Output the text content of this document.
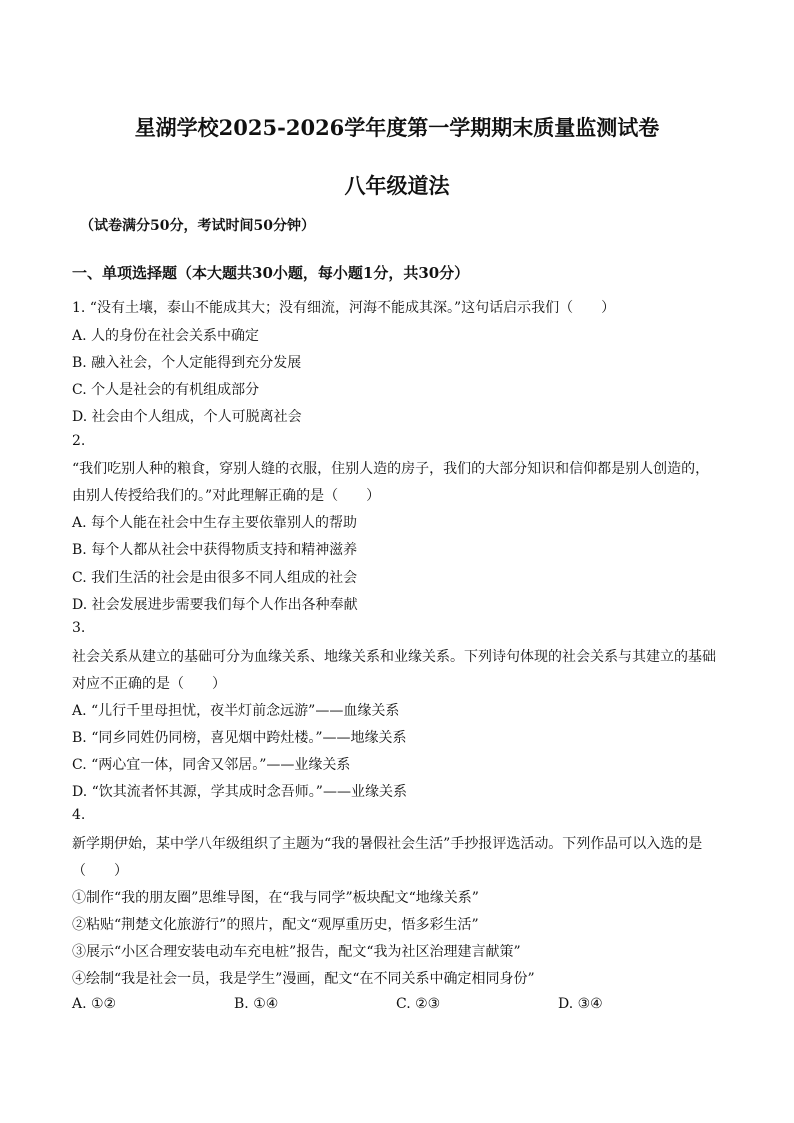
星湖学校2025-2026学年度第一学期期末质量监测试卷
八年级道法
（试卷满分50分，考试时间50分钟）
一、单项选择题（本大题共30小题，每小题1分，共30分）
1. “没有土壤，泰山不能成其大；没有细流，河海不能成其深。”这句话启示我们（　　）
A. 人的身份在社会关系中确定
B. 融入社会，个人定能得到充分发展
C. 个人是社会的有机组成部分
D. 社会由个人组成，个人可脱离社会
2.
“我们吃别人种的粮食，穿别人缝的衣服，住别人造的房子，我们的大部分知识和信仰都是别人创造的，
由别人传授给我们的。”对此理解正确的是（　　）
A. 每个人能在社会中生存主要依靠别人的帮助
B. 每个人都从社会中获得物质支持和精神滋养
C. 我们生活的社会是由很多不同人组成的社会
D. 社会发展进步需要我们每个人作出各种奉献
3.
社会关系从建立的基础可分为血缘关系、地缘关系和业缘关系。下列诗句体现的社会关系与其建立的基础
对应不正确的是（　　）
A. “儿行千里母担忧，夜半灯前念远游”——血缘关系
B. “同乡同姓仍同榜，喜见烟中跨灶楼。”——地缘关系
C. “两心宜一体，同舍又邻居。”——业缘关系
D. “饮其流者怀其源，学其成时念吾师。”——业缘关系
4.
新学期伊始，某中学八年级组织了主题为“我的暑假社会生活”手抄报评选活动。下列作品可以入选的是
（　　）
①制作“我的朋友圈”思维导图，在“我与同学”板块配文“地缘关系”
②粘贴“荆楚文化旅游行”的照片，配文“观厚重历史，悟多彩生活”
③展示“小区合理安装电动车充电桩”报告，配文“我为社区治理建言献策”
④绘制“我是社会一员，我是学生”漫画，配文“在不同关系中确定相同身份”
A. ①②	B. ①④	C. ②③	D. ③④
